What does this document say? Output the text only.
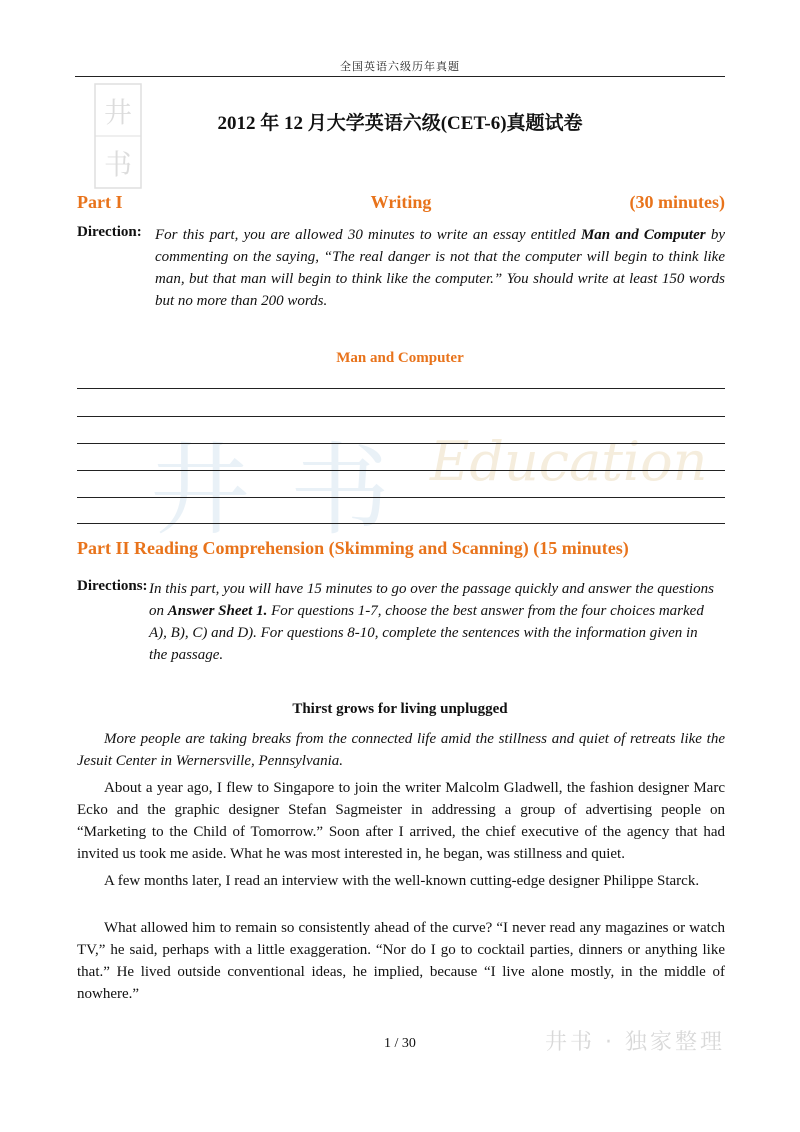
井书 Education
井书 · 独家整理
全国英语六级历年真题
井
书
2012 年 12 月大学英语六级(CET-6)真题试卷
Part I	Writing	(30 minutes)
Direction: For this part, you are allowed 30 minutes to write an essay entitled Man and Computer by commenting on the saying, “The real danger is not that the computer will begin to think like man, but that man will begin to think like the computer.” You should write at least 150 words but no more than 200 words.
Man and Computer
Part II Reading Comprehension (Skimming and Scanning) (15 minutes)
Directions: In this part, you will have 15 minutes to go over the passage quickly and answer the questions on Answer Sheet 1. For questions 1-7, choose the best answer from the four choices marked A), B), C) and D). For questions 8-10, complete the sentences with the information given in the passage.
Thirst grows for living unplugged
More people are taking breaks from the connected life amid the stillness and quiet of retreats like the Jesuit Center in Wernersville, Pennsylvania.
About a year ago, I flew to Singapore to join the writer Malcolm Gladwell, the fashion designer Marc Ecko and the graphic designer Stefan Sagmeister in addressing a group of advertising people on “Marketing to the Child of Tomorrow.” Soon after I arrived, the chief executive of the agency that had invited us took me aside. What he was most interested in, he began, was stillness and quiet.
A few months later, I read an interview with the well-known cutting-edge designer Philippe Starck.
What allowed him to remain so consistently ahead of the curve? “I never read any magazines or watch TV,” he said, perhaps with a little exaggeration. “Nor do I go to cocktail parties, dinners or anything like that.” He lived outside conventional ideas, he implied, because “I live alone mostly, in the middle of nowhere.”
1 / 30
